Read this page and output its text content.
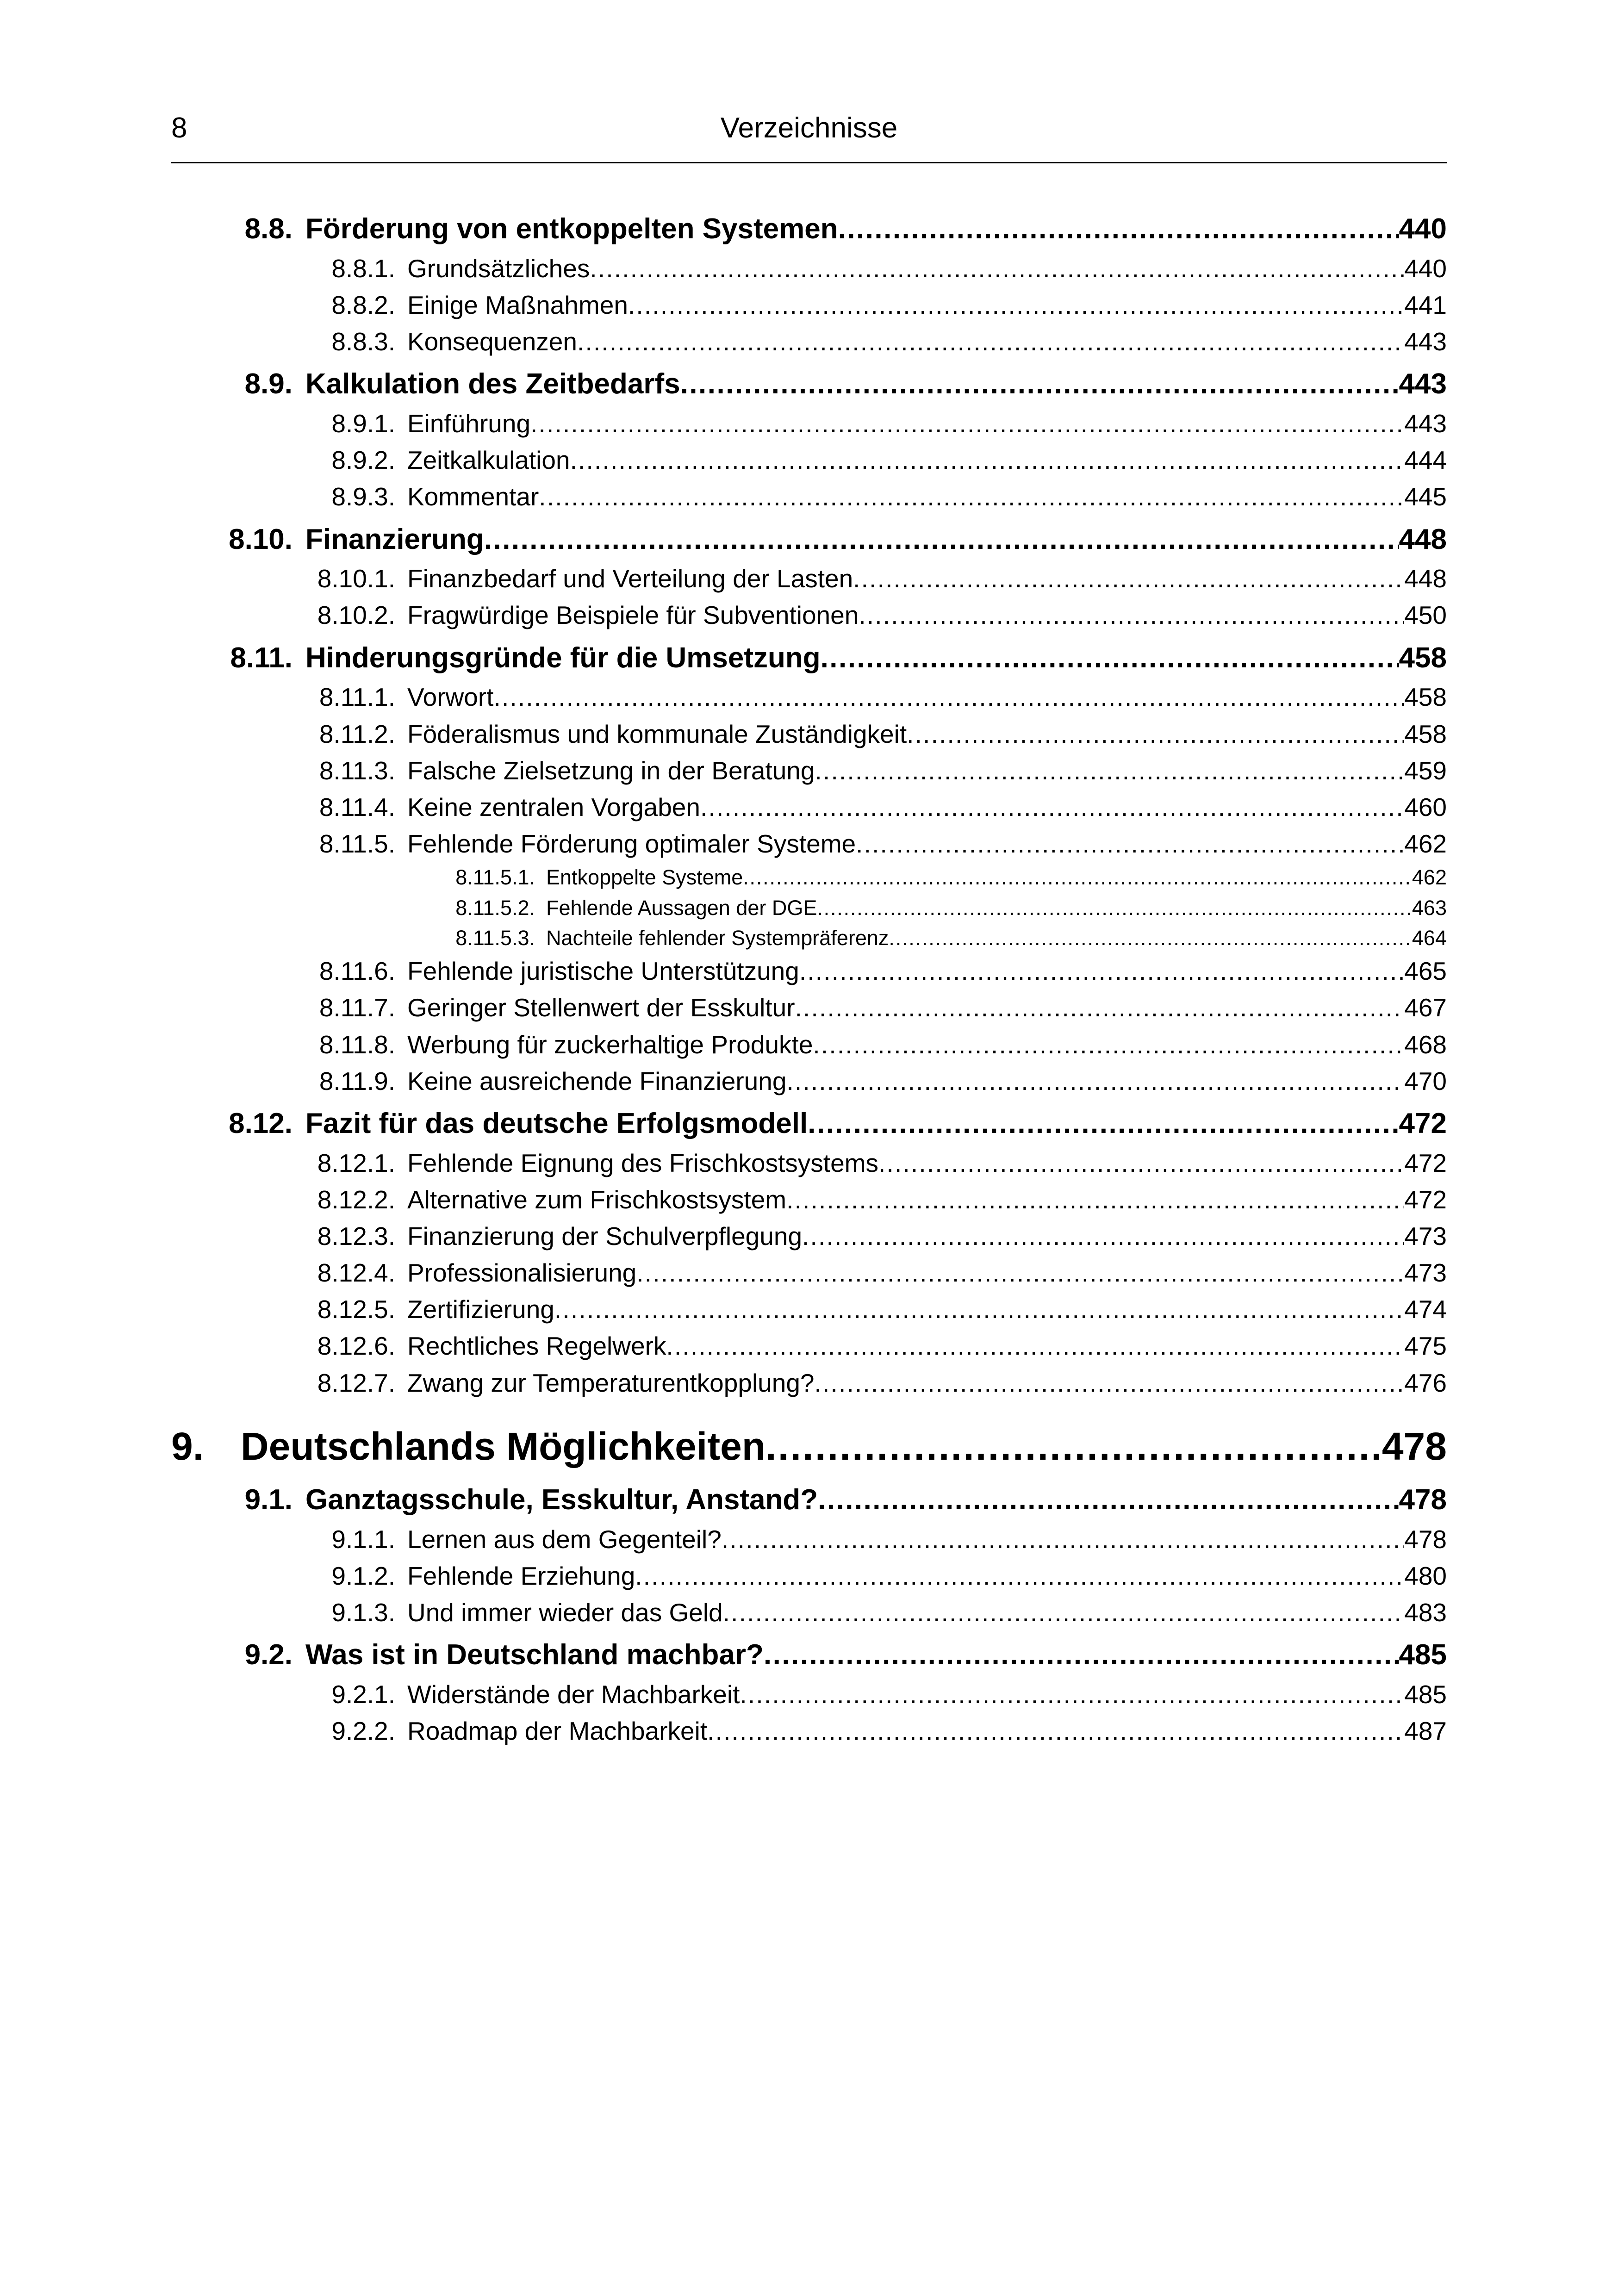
8	Verzeichnisse
8.8. Förderung von entkoppelten Systemen .....	440
8.8.1. Grundsätzliches .....	440
8.8.2. Einige Maßnahmen .....	441
8.8.3. Konsequenzen .....	443
8.9. Kalkulation des Zeitbedarfs .....	443
8.9.1. Einführung .....	443
8.9.2. Zeitkalkulation .....	444
8.9.3. Kommentar .....	445
8.10. Finanzierung .....	448
8.10.1. Finanzbedarf und Verteilung der Lasten .....	448
8.10.2. Fragwürdige Beispiele für Subventionen .....	450
8.11. Hinderungsgründe für die Umsetzung .....	458
8.11.1. Vorwort .....	458
8.11.2. Föderalismus und kommunale Zuständigkeit .....	458
8.11.3. Falsche Zielsetzung in der Beratung .....	459
8.11.4. Keine zentralen Vorgaben .....	460
8.11.5. Fehlende Förderung optimaler Systeme .....	462
8.11.5.1. Entkoppelte Systeme .....	462
8.11.5.2. Fehlende Aussagen der DGE .....	463
8.11.5.3. Nachteile fehlender Systempräferenz .....	464
8.11.6. Fehlende juristische Unterstützung .....	465
8.11.7. Geringer Stellenwert der Esskultur .....	467
8.11.8. Werbung für zuckerhaltige Produkte .....	468
8.11.9. Keine ausreichende Finanzierung .....	470
8.12. Fazit für das deutsche Erfolgsmodell .....	472
8.12.1. Fehlende Eignung des Frischkostsystems .....	472
8.12.2. Alternative zum Frischkostsystem .....	472
8.12.3. Finanzierung der Schulverpflegung .....	473
8.12.4. Professionalisierung .....	473
8.12.5. Zertifizierung .....	474
8.12.6. Rechtliches Regelwerk .....	475
8.12.7. Zwang zur Temperaturentkopplung? .....	476
9. Deutschlands Möglichkeiten .....	478
9.1. Ganztagsschule, Esskultur, Anstand? .....	478
9.1.1. Lernen aus dem Gegenteil? .....	478
9.1.2. Fehlende Erziehung .....	480
9.1.3. Und immer wieder das Geld .....	483
9.2. Was ist in Deutschland machbar? .....	485
9.2.1. Widerstände der Machbarkeit .....	485
9.2.2. Roadmap der Machbarkeit .....	487
